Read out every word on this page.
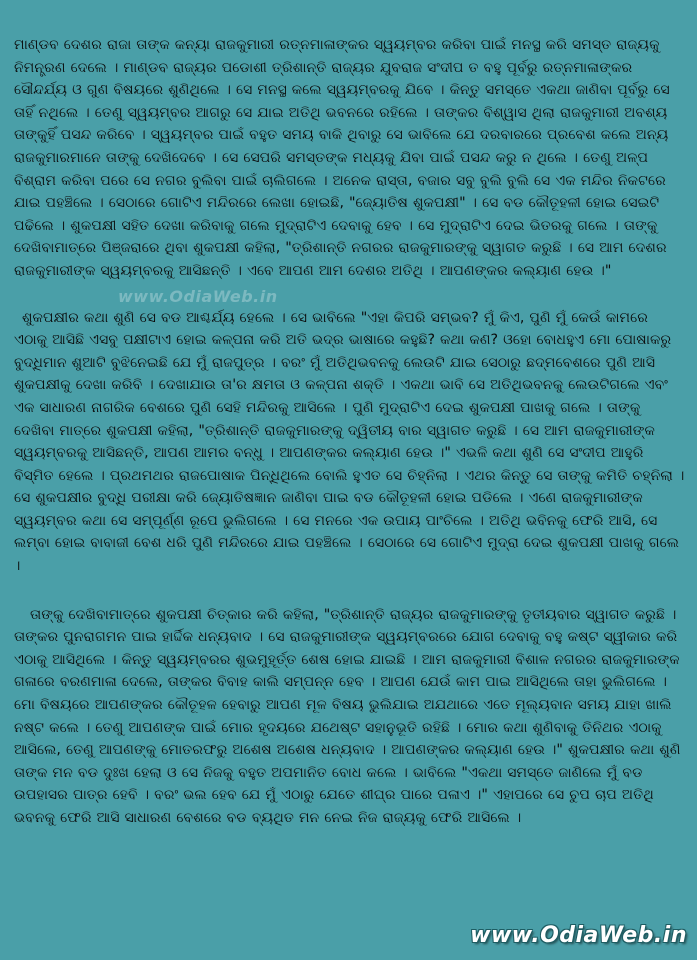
ମାଣ୍ଡବ ଦେଶର ରାଜା ତାଙ୍କ କନ୍ୟା ରାଜକୁମାରୀ ରତ୍ନମାଳାଙ୍କର ସ୍ୱୟମ୍ବର କରିବା ପାଇଁ ମନସ୍ଥ କରି ସମସ୍ତ ରାଜ୍ୟକୁ ନିମନ୍ତ୍ରଣ ଦେଲେ । ମାଣ୍ଡବ ରାଜ୍ୟର ପଡୋଶୀ ତ୍ରିଶାନ୍ତି ରାଜ୍ୟର ଯୁବରାଜ ସଂଦୀପ ତ ବହୁ ପୂର୍ବରୁ ରତ୍ନମାଳାଙ୍କର ସୌନ୍ଦର୍ଯ୍ୟ ଓ ଗୁଣ ବିଷୟରେ ଶୁଣିଥିଲେ । ସେ ମନସ୍ଥ କଲେ ସ୍ୱୟମ୍ବରକୁ ଯିବେ । କିନ୍ତୁ ସମସ୍ତେ ଏକଥା ଜାଣିବା ପୂର୍ବରୁ ସେ ତାହିଁ ନଥିଲେ । ତେଣୁ ସ୍ୱୟମ୍ବର ଆଗରୁ ସେ ଯାଇ ଅତିଥି ଭବନରେ ରହିଲେ । ତାଙ୍କର ବିଶ୍ୱାସ ଥିଲା ରାଜକୁମାରୀ ଅବଶ୍ୟ ତାଙ୍କୁହିଁ ପସନ୍ଦ କରିବେ । ସ୍ୱୟମ୍ବର ପାଇଁ ବହୁତ ସମୟ ବାକି ଥିବାରୁ ସେ ଭାବିଲେ ଯେ ଦରବାରରେ ପ୍ରବେଶ କଲେ ଅନ୍ୟ ରାଜକୁମାରମାନେ ତାଙ୍କୁ ଦେଖିଦେବେ । ସେ ସେପରି ସମସ୍ତଙ୍କ ମଧ୍ୟକୁ ଯିବା ପାଇଁ ପସନ୍ଦ କରୁ ନ ଥିଲେ । ତେଣୁ ଅଳ୍ପ ବିଶ୍ରାମ କରିବା ପରେ ସେ ନଗର ବୁଲିବା ପାଇଁ ଚାଲିଗଲେ । ଅନେକ ରାସ୍ତା, ବଜାର ସବୁ ବୁଲି ବୁଲି ସେ ଏକ ମନ୍ଦିର ନିକଟରେ ଯାଇ ପହଞ୍ଚିଲେ । ସେଠାରେ ଗୋଟିଏ ମନ୍ଦିରରେ ଲେଖା ହୋଇଛି, "ଜ୍ୟୋତିଷ ଶୁକପକ୍ଷୀ" । ସେ ବଡ କୌତୂହଳୀ ହୋଇ ସେଇଟି ପଢିଲେ । ଶୁକପକ୍ଷୀ ସହିତ ଦେଖା କରିବାକୁ ଗଲେ ମୁଦ୍ରାଟିଏ ଦେବାକୁ ହେବ । ସେ ମୁଦ୍ରାଟିଏ ଦେଇ ଭିତରକୁ ଗଲେ । ତାଙ୍କୁ ଦେଖିବାମାତ୍ରେ ପିଞ୍ଜରାରେ ଥିବା ଶୁକପକ୍ଷୀ କହିଲା, "ତ୍ରିଶାନ୍ତି ନଗରର ରାଜକୁମାରଙ୍କୁ ସ୍ୱାଗତ କରୁଛି । ସେ ଆମ ଦେଶର ରାଜକୁମାରୀଙ୍କ ସ୍ୱୟମ୍ବରକୁ ଆସିଛନ୍ତି । ଏବେ ଆପଣ ଆମ ଦେଶର ଅତିଥି । ଆପଣଙ୍କର କଲ୍ୟାଣ ହେଉ ।"

ଶୁକପକ୍ଷୀର କଥା ଶୁଣି ସେ ବଡ ଆଶ୍ଚର୍ଯ୍ୟ ହେଲେ । ସେ ଭାବିଲେ "ଏହା କିପରି ସମ୍ଭବ? ମୁଁ କିଏ, ପୁଣି ମୁଁ କେଉଁ କାମରେ ଏଠାକୁ ଆସିଛି ଏସବୁ ପକ୍ଷୀଟାଏ ହୋଇ କଳ୍ପନା କରି ଅତି ଭଦ୍ର ଭାଷାରେ କହୁଛି? କଥା କଣ? ଓହୋ ବୋଧହୁଏ ମୋ ପୋଷାକରୁ ବୁଦ୍ଧିମାନ ଶୁଆଟି ବୁଝିନେଇଛି ଯେ ମୁଁ ରାଜପୁତ୍ର । ବରଂ ମୁଁ ଅତିଥିଭବନକୁ ଲେଉଟି ଯାଇ ସେଠାରୁ ଛଦ୍ମବେଶରେ ପୁଣି ଆସି ଶୁକପକ୍ଷୀକୁ ଦେଖା କରିବି । ଦେଖାଯାଉ ତା'ର କ୍ଷମତା ଓ କଳ୍ପନା ଶକ୍ତି । ଏକଥା ଭାବି ସେ ଅତିଥିଭବନକୁ ଲେଉଟିଗଲେ ଏବଂ ଏକ ସାଧାରଣ ନାଗରିକ ବେଶରେ ପୁଣି ସେହି ମନ୍ଦିରକୁ ଆସିଲେ । ପୁଣି ମୁଦ୍ରାଟିଏ ଦେଇ ଶୁକପକ୍ଷୀ ପାଖକୁ ଗଲେ । ତାଙ୍କୁ ଦେଖିବା ମାତ୍ରେ ଶୁକପକ୍ଷୀ କହିଲା, "ତ୍ରିଶାନ୍ତି ରାଜକୁମାରଙ୍କୁ ଦ୍ୱିତୀୟ ବାର ସ୍ୱାଗତ କରୁଛି । ସେ ଆମ ରାଜକୁମାରୀଙ୍କ ସ୍ୱୟମ୍ବରକୁ ଆସିଛନ୍ତି, ଆପଣ ଆମର ବନ୍ଧୁ । ଆପଣଙ୍କର କଲ୍ୟାଣ ହେଉ ।" ଏଭଳି କଥା ଶୁଣି ସେ ସଂଦୀପ ଆହୁରି ବିସ୍ମିତ ହେଲେ । ପ୍ରଥମଥର ରାଜପୋଷାକ ପିନ୍ଧିଥିଲେ ବୋଲି ହୁଏତ ସେ ଚିହ୍ନିଲା । ଏଥର କିନ୍ତୁ ସେ ତାଙ୍କୁ କମିତି ଚହ୍ନିଲା । ସେ ଶୁକପକ୍ଷୀର ବୁଦ୍ଧି ପରୀକ୍ଷା କରି ଜ୍ୟୋତିଷଜ୍ଞାନ ଜାଣିବା ପାଇ ବଡ କୌତୂହଳୀ ହୋଇ ପଡିଲେ । ଏଣେ ରାଜକୁମାରୀଙ୍କ ସ୍ୱୟମ୍ବର କଥା ସେ ସମ୍ପୂର୍ଣ୍ଣ ରୂପେ ଭୁଲିଗଲେ । ସେ ମନରେ ଏକ ଉପାୟ ପାଂଚିଲେ । ଅତିଥି ଭବିନକୁ ଫେରି ଆସି, ସେ ଲମ୍ବା ହୋଇ ବାବାଜୀ ବେଶ ଧରି ପୁଣି ମନ୍ଦିରରେ ଯାଇ ପହଞ୍ଚିଲେ । ସେଠାରେ ସେ ଗୋଟିଏ ମୁଦ୍ରା ଦେଇ ଶୁକପକ୍ଷୀ ପାଖକୁ ଗଲେ ।

ତାଙ୍କୁ ଦେଖିବାମାତ୍ରେ ଶୁକପକ୍ଷୀ ଚିତ୍କାର କରି କହିଲା, "ତ୍ରିଶାନ୍ତି ରାଜ୍ୟର ରାଜକୁମାରଙ୍କୁ ତୃତୀୟବାର ସ୍ୱାଗତ କରୁଛି । ତାଙ୍କର ପୁନରାଗମନ ପାଇ ହାର୍ଦ୍ଦିକ ଧନ୍ୟବାଦ । ସେ ରାଜକୁମାରୀଙ୍କ ସ୍ୱୟମ୍ବରରେ ଯୋଗ ଦେବାକୁ ବହୁ କଷ୍ଟ ସ୍ୱୀକାର କରି ଏଠାକୁ ଆସିଥିଲେ । କିନ୍ତୁ ସ୍ୱୟମ୍ବରର ଶୁଭମୁହୂର୍ତ୍ତ ଶେଷ ହୋଇ ଯାଇଛି । ଆମ ରାଜକୁମାରୀ ବିଶାଳ ନଗରର ରାଜକୁମାରଙ୍କ ଗଳାରେ ବରଣମାଳା ଦେଲେ, ତାଙ୍କର ବିବାହ କାଲି ସମ୍ପନ୍ନ ହେବ । ଆପଣ ଯେଉଁ କାମ ପାଇ ଆସିଥିଲେ ତାହା ଭୁଲିଗଲେ । ମୋ ବିଷୟରେ ଆପଣଙ୍କର କୌତୂହଳ ହେବାରୁ ଆପଣ ମୂଳ ବିଷୟ ଭୁଲିଯାଇ ଅଯଥାରେ ଏତେ ମୂଲ୍ୟବାନ ସମୟ ଯାହା ଖାଲି ନଷ୍ଟ କଲେ । ତେଣୁ ଆପଣଙ୍କ ପାଇଁ ମୋର ହୃଦୟରେ ଯଥେଷ୍ଟ ସହାନୁଭୂତି ରହିଛି । ମୋର କଥା ଶୁଣିବାକୁ ତିନିଥର ଏଠାକୁ ଆସିଲେ, ତେଣୁ ଆପଣଙ୍କୁ ମୋତରଫରୁ ଅଶେଷ ଅଶେଷ ଧନ୍ୟବାଦ । ଆପଣଙ୍କର କଲ୍ୟାଣ ହେଉ ।" ଶୁକପକ୍ଷୀର କଥା ଶୁଣି ତାଙ୍କ ମନ ବଡ ଦୁଃଖ ହେଲା ଓ ସେ ନିଜକୁ ବହୁତ ଅପମାନିତ ବୋଧ କଲେ । ଭାବିଲେ "ଏକଥା ସମସ୍ତେ ଜାଣିଲେ ମୁଁ ବଡ ଉପହାସର ପାତ୍ର ହେବି । ବରଂ ଭଲ ହେବ ଯେ ମୁଁ ଏଠାରୁ ଯେତେ ଶୀଘ୍ର ପାରେ ପଳାଏ ।" ଏହାପରେ ସେ ଚୁପ ଚାପ ଅତିଥି ଭବନକୁ ଫେରି ଆସି ସାଧାରଣ ବେଶରେ ବଡ ବ୍ୟଥିତ ମନ ନେଇ ନିଜ ରାଜ୍ୟକୁ ଫେରି ଆସିଲେ ।

www.OdiaWeb.in
www.OdiaWeb.in
